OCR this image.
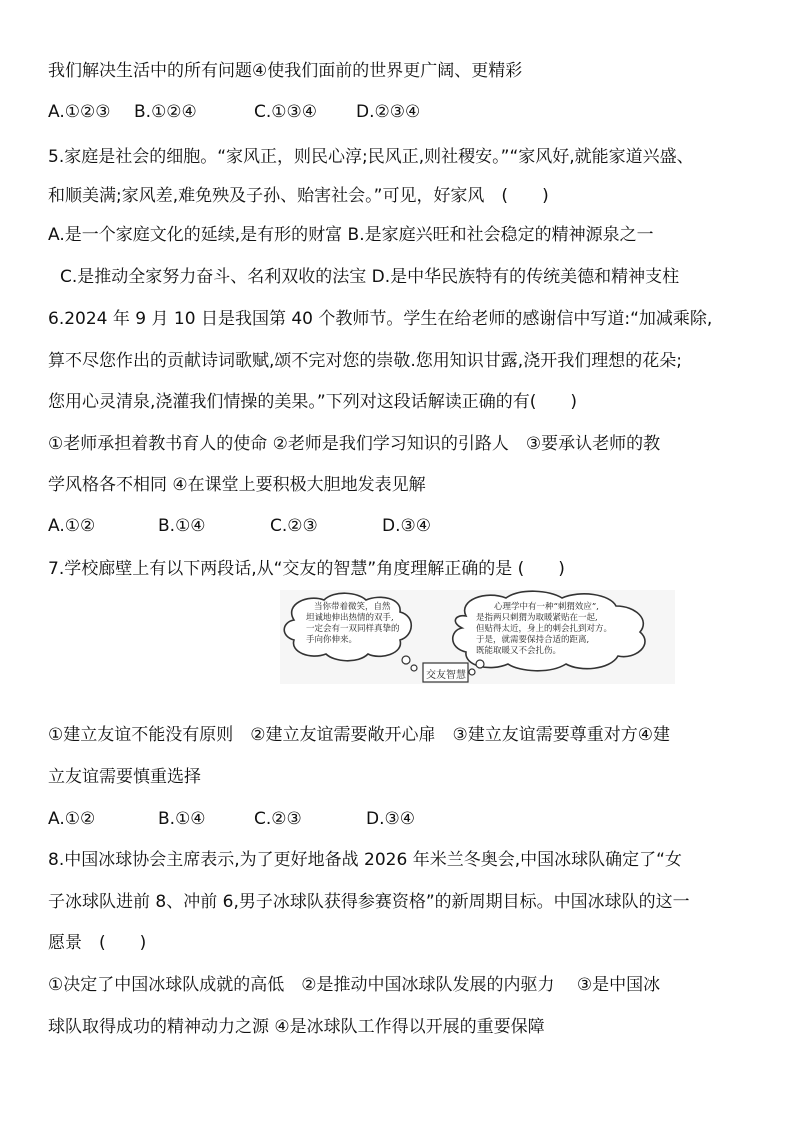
我们解决生活中的所有问题④使我们面前的世界更广阔、更精彩
A.①②③ B.①②④	C.①③④ D.②③④
5.家庭是社会的细胞。“家风正，则民心淳;民风正,则社稷安。”“家风好,就能家道兴盛、
和顺美满;家风差,难免殃及子孙、贻害社会。”可见，好家风　(　　)
A.是一个家庭文化的延续,是有形的财富 B.是家庭兴旺和社会稳定的精神源泉之一
C.是推动全家努力奋斗、名利双收的法宝 D.是中华民族特有的传统美德和精神支柱
6.2024 年 9 月 10 日是我国第 40 个教师节。学生在给老师的感谢信中写道:“加减乘除,
算不尽您作出的贡献诗词歌赋,颂不完对您的崇敬.您用知识甘露,浇开我们理想的花朵;
您用心灵清泉,浇灌我们情操的美果。”下列对这段话解读正确的有(　　)
①老师承担着教书育人的使命 ②老师是我们学习知识的引路人　③要承认老师的教
学风格各不相同 ④在课堂上要积极大胆地发表见解
A.①②	B.①④	C.②③	D.③④
7.学校廊壁上有以下两段话,从“交友的智慧”角度理解正确的是 (　　)
当你带着微笑，自然
坦诚地伸出热情的双手,
一定会有一双同样真挚的
手向你伸来。
心理学中有一种“刺猬效应”,
是指两只刺猬为取暖紧贴在一起,
但贴得太近，身上的刺会扎到对方。
于是，就需要保持合适的距离,
既能取暖又不会扎伤。
交友智慧
①建立友谊不能没有原则　②建立友谊需要敞开心扉　③建立友谊需要尊重对方④建
立友谊需要慎重选择
A.①②	B.①④	C.②③	D.③④
8.中国冰球协会主席表示,为了更好地备战 2026 年米兰冬奥会,中国冰球队确定了“女
子冰球队进前 8、冲前 6,男子冰球队获得参赛资格”的新周期目标。中国冰球队的这一
愿景　(　　)
①决定了中国冰球队成就的高低　②是推动中国冰球队发展的内驱力　 ③是中国冰
球队取得成功的精神动力之源 ④是冰球队工作得以开展的重要保障
